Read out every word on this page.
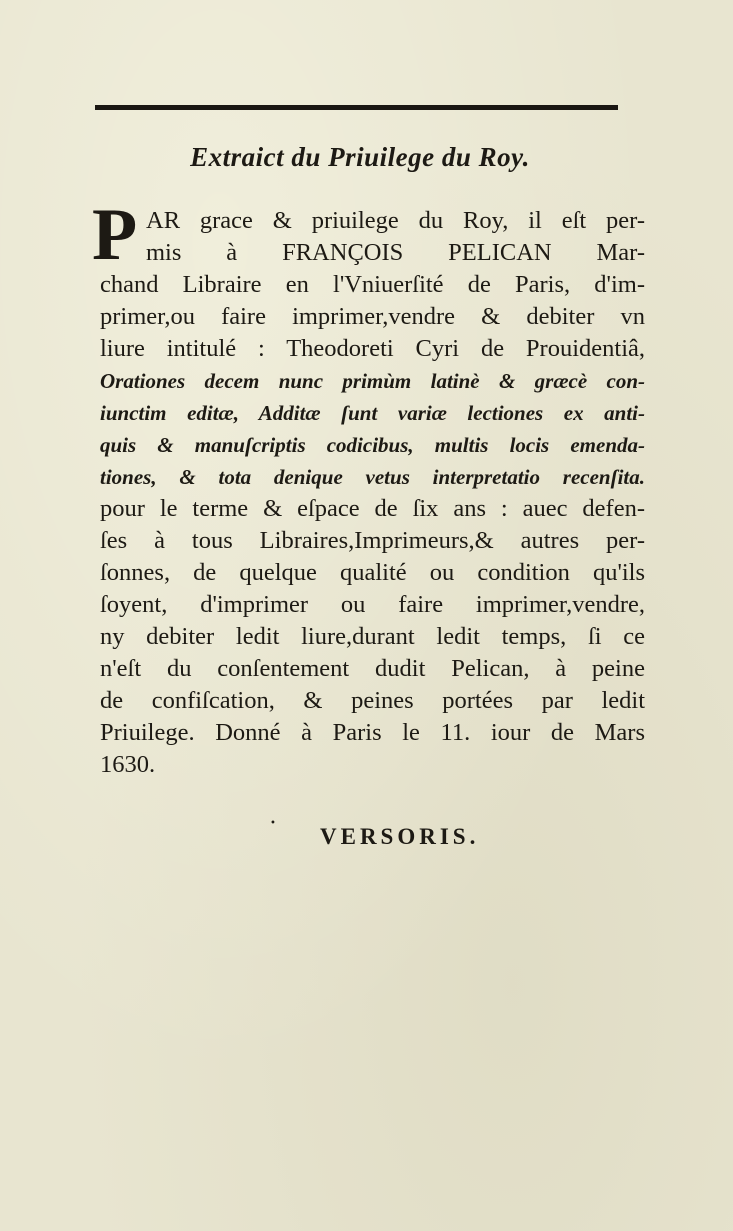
Extraict du Priuilege du Roy.
P AR grace & priuilege du Roy, il eſt per-
mis à FRANÇOIS PELICAN Mar-
chand Libraire en l'Vniuerſité de Paris, d'im-
primer,ou faire imprimer,vendre & debiter vn
liure intitulé : Theodoreti Cyri de Prouidentiâ,
Orationes decem nunc primùm latinè & græcè con-
iunctim editæ, Additæ ſunt variæ lectiones ex anti-
quis & manuſcriptis codicibus, multis locis emenda-
tiones, & tota denique vetus interpretatio recenſita.
pour le terme & eſpace de ſix ans : auec defen-
ſes à tous Libraires,Imprimeurs,& autres per-
ſonnes, de quelque qualité ou condition qu'ils
ſoyent, d'imprimer ou faire imprimer,vendre,
ny debiter ledit liure,durant ledit temps, ſi ce
n'eſt du conſentement dudit Pelican, à peine
de confiſcation, & peines portées par ledit
Priuilege. Donné à Paris le 11. iour de Mars
1630.
•
VERSORIS.
